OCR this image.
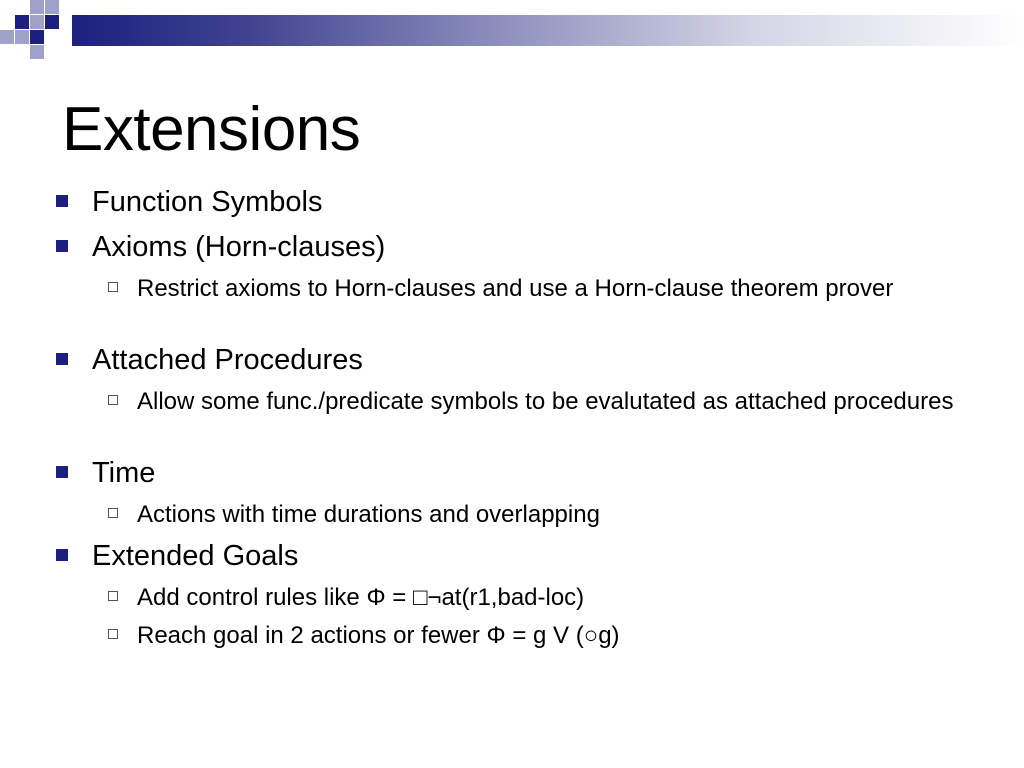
Extensions
Function Symbols
Axioms (Horn-clauses)
Restrict axioms to Horn-clauses and use a Horn-clause theorem prover
Attached Procedures
Allow some func./predicate symbols to be evalutated as attached procedures
Time
Actions with time durations and overlapping
Extended Goals
Add control rules like Φ = □¬at(r1,bad-loc)
Reach goal in 2 actions or fewer Φ = g V (○g)
